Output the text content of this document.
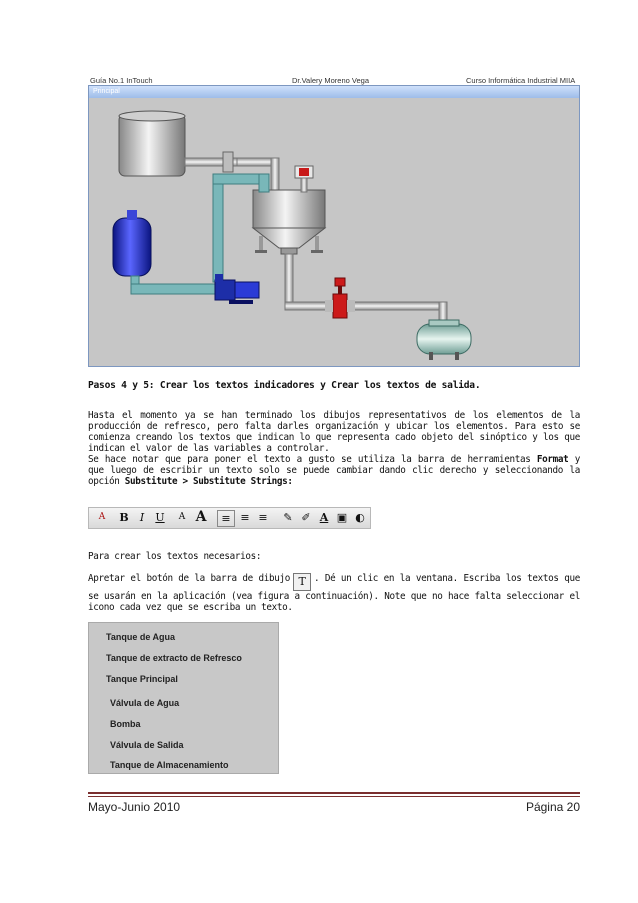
Guía No.1 InTouch	Dr.Valery Moreno Vega	Curso Informática Industrial MIIA
Principal
Pasos 4 y 5: Crear los textos indicadores y Crear los textos de salida.
Hasta el momento ya se han terminado los dibujos representativos de los elementos de la producción de refresco, pero falta darles organización y ubicar los elementos. Para esto se comienza creando los textos que indican lo que representa cado objeto del sinóptico y los que indican el valor de las variables a controlar.
Se hace notar que para poner el texto a gusto se utiliza la barra de herramientas Format y que luego de escribir un texto solo se puede cambiar dando clic derecho y seleccionando la opción Substitute > Substitute Strings:
A	B	I	U	A A	≡ ≡ ≡	✎ ✐ A ▣ ◐
Para crear los textos necesarios:
Apretar el botón de la barra de dibujo T . Dé un clic en la ventana. Escriba los textos que se usarán en la aplicación (vea figura a continuación). Note que no hace falta seleccionar el icono cada vez que se escriba un texto.
Tanque de Agua
Tanque de extracto de Refresco
Tanque Principal
Válvula de Agua
Bomba
Válvula de Salida
Tanque de Almacenamiento
Mayo-Junio 2010	Página 20
